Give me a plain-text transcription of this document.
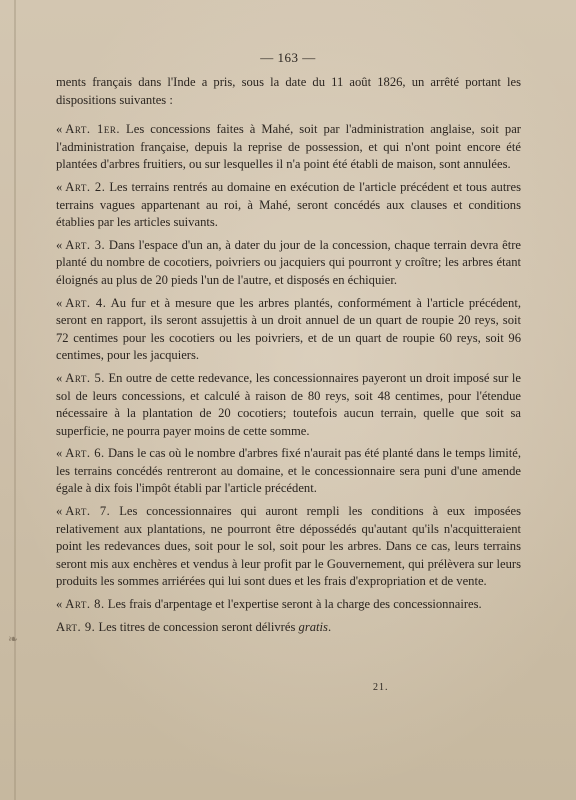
— 163 —

ments français dans l'Inde a pris, sous la date du 11 août 1826, un arrêté portant les dispositions suivantes :

« Art. 1er. Les concessions faites à Mahé, soit par l'administration anglaise, soit par l'administration française, depuis la reprise de possession, et qui n'ont point encore été plantées d'arbres fruitiers, ou sur lesquelles il n'a point été établi de maison, sont annulées.

« Art. 2. Les terrains rentrés au domaine en exécution de l'article précédent et tous autres terrains vagues appartenant au roi, à Mahé, seront concédés aux clauses et conditions établies par les articles suivants.

« Art. 3. Dans l'espace d'un an, à dater du jour de la concession, chaque terrain devra être planté du nombre de cocotiers, poivriers ou jacquiers qui pourront y croître; les arbres étant éloignés au plus de 20 pieds l'un de l'autre, et disposés en échiquier.

« Art. 4. Au fur et à mesure que les arbres plantés, conformément à l'article précédent, seront en rapport, ils seront assujettis à un droit annuel de un quart de roupie 20 reys, soit 72 centimes pour les cocotiers ou les poivriers, et de un quart de roupie 60 reys, soit 96 centimes, pour les jacquiers.

« Art. 5. En outre de cette redevance, les concessionnaires payeront un droit imposé sur le sol de leurs concessions, et calculé à raison de 80 reys, soit 48 centimes, pour l'étendue nécessaire à la plantation de 20 cocotiers; toutefois aucun terrain, quelle que soit sa superficie, ne pourra payer moins de cette somme.

« Art. 6. Dans le cas où le nombre d'arbres fixé n'aurait pas été planté dans le temps limité, les terrains concédés rentreront au domaine, et le concessionnaire sera puni d'une amende égale à dix fois l'impôt établi par l'article précédent.

« Art. 7. Les concessionnaires qui auront rempli les conditions à eux imposées relativement aux plantations, ne pourront être dépossédés qu'autant qu'ils n'acquitteraient point les redevances dues, soit pour le sol, soit pour les arbres. Dans ce cas, leurs terrains seront mis aux enchères et vendus à leur profit par le Gouvernement, qui prélèvera sur leurs produits les sommes arriérées qui lui sont dues et les frais d'expropriation et de vente.

« Art. 8. Les frais d'arpentage et l'expertise seront à la charge des concessionnaires.

Art. 9. Les titres de concession seront délivrés gratis.

21.
❧
